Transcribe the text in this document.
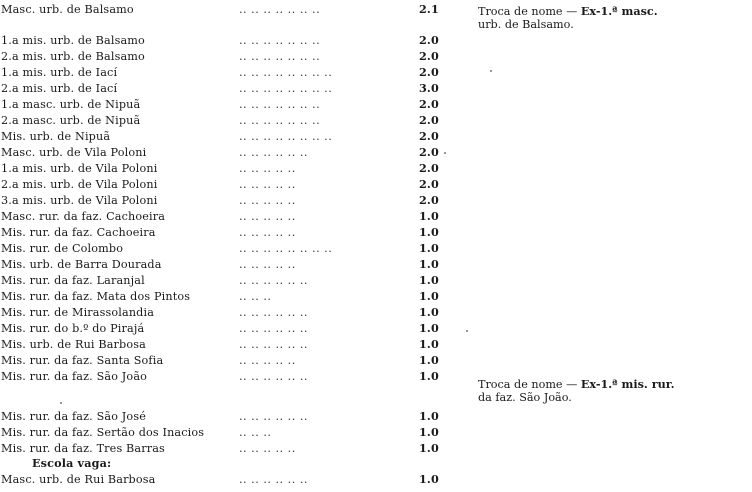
Masc. urb. de Balsamo	.. .. .. .. .. .. ..	2.1
1.a mis. urb. de Balsamo	.. .. .. .. .. .. ..	2.0
2.a mis. urb. de Balsamo	.. .. .. .. .. .. ..	2.0
1.a mis. urb. de Iací	.. .. .. .. .. .. .. ..	2.0
2.a mis. urb. de Iací	.. .. .. .. .. .. .. ..	3.0
1.a masc. urb. de Nipuã	.. .. .. .. .. .. ..	2.0
2.a masc. urb. de Nipuã	.. .. .. .. .. .. ..	2.0
Mis. urb. de Nipuã	.. .. .. .. .. .. .. ..	2.0
Masc. urb. de Vila Poloni	.. .. .. .. .. ..	2.0
1.a mis. urb. de Vila Poloni	.. .. .. .. ..	2.0
2.a mis. urb. de Vila Poloni	.. .. .. .. ..	2.0
3.a mis. urb. de Vila Poloni	.. .. .. .. ..	2.0
Masc. rur. da faz. Cachoeira	.. .. .. .. ..	1.0
Mis. rur. da faz. Cachoeira	.. .. .. .. ..	1.0
Mis. rur. de Colombo	.. .. .. .. .. .. .. ..	1.0
Mis. urb. de Barra Dourada	.. .. .. .. ..	1.0
Mis. rur. da faz. Laranjal	.. .. .. .. .. ..	1.0
Mis. rur. da faz. Mata dos Pintos	.. .. ..	1.0
Mis. rur. de Mirassolandia	.. .. .. .. .. ..	1.0
Mis. rur. do b.º do Pirajá	.. .. .. .. .. ..	1.0
Mis. urb. de Rui Barbosa	.. .. .. .. .. ..	1.0
Mis. rur. da faz. Santa Sofia	.. .. .. .. ..	1.0
Mis. rur. da faz. São João	.. .. .. .. .. ..	1.0
Mis. rur. da faz. São José	.. .. .. .. .. ..	1.0
Mis. rur. da faz. Sertão dos Inacios	.. .. ..	1.0
Mis. rur. da faz. Tres Barras	.. .. .. .. ..	1.0
Masc. urb. de Rui Barbosa	.. .. .. .. .. ..	1.0
Escola vaga:
Troca de nome — Ex-1.ª masc.
urb. de Balsamo.
Troca de nome — Ex-1.ª mis. rur.
da faz. São João.
